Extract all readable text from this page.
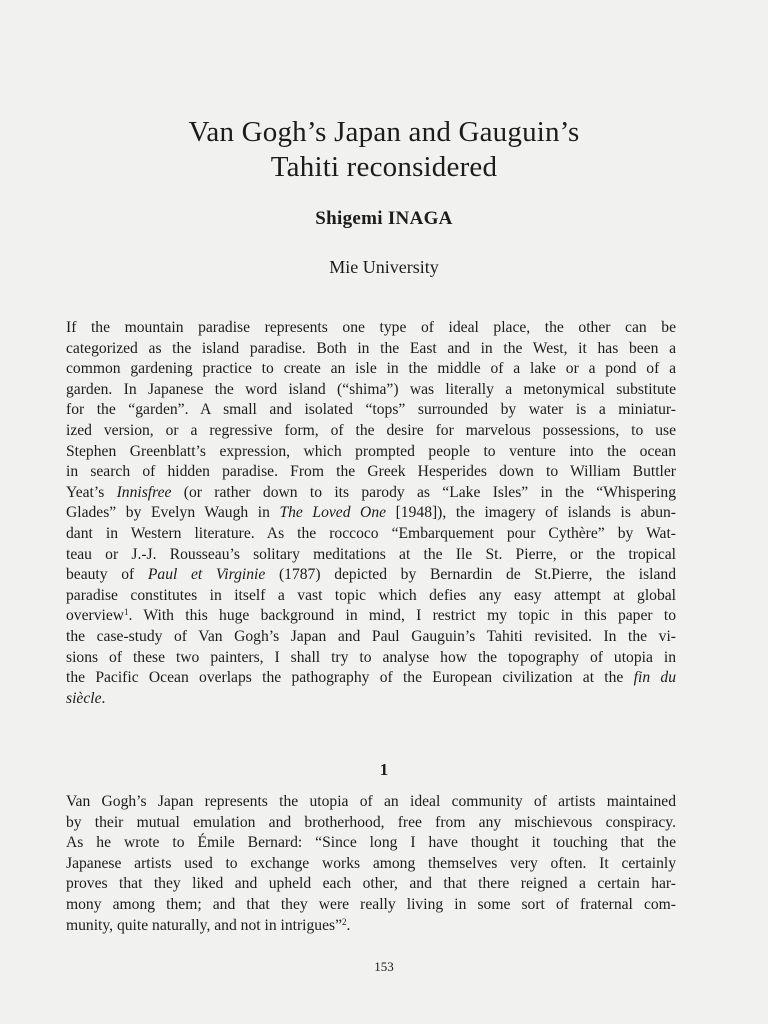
Van Gogh’s Japan and Gauguin’s
Tahiti reconsidered
Shigemi INAGA
Mie University
If the mountain paradise represents one type of ideal place, the other can be
categorized as the island paradise. Both in the East and in the West, it has been a
common gardening practice to create an isle in the middle of a lake or a pond of a
garden. In Japanese the word island (“shima”) was literally a metonymical substitute
for the “garden”. A small and isolated “tops” surrounded by water is a miniatur-
ized version, or a regressive form, of the desire for marvelous possessions, to use
Stephen Greenblatt’s expression, which prompted people to venture into the ocean
in search of hidden paradise. From the Greek Hesperides down to William Buttler
Yeat’s Innisfree (or rather down to its parody as “Lake Isles” in the “Whispering
Glades” by Evelyn Waugh in The Loved One [1948]), the imagery of islands is abun-
dant in Western literature. As the roccoco “Embarquement pour Cythère” by Wat-
teau or J.-J. Rousseau’s solitary meditations at the Ile St. Pierre, or the tropical
beauty of Paul et Virginie (1787) depicted by Bernardin de St.Pierre, the island
paradise constitutes in itself a vast topic which defies any easy attempt at global
overview$^1$. With this huge background in mind, I restrict my topic in this paper to
the case-study of Van Gogh’s Japan and Paul Gauguin’s Tahiti revisited. In the vi-
sions of these two painters, I shall try to analyse how the topography of utopia in
the Pacific Ocean overlaps the pathography of the European civilization at the fin du
siècle.
1
Van Gogh’s Japan represents the utopia of an ideal community of artists maintained
by their mutual emulation and brotherhood, free from any mischievous conspiracy.
As he wrote to Émile Bernard: “Since long I have thought it touching that the
Japanese artists used to exchange works among themselves very often. It certainly
proves that they liked and upheld each other, and that there reigned a certain har-
mony among them; and that they were really living in some sort of fraternal com-
munity, quite naturally, and not in intrigues”$^2$.
153
